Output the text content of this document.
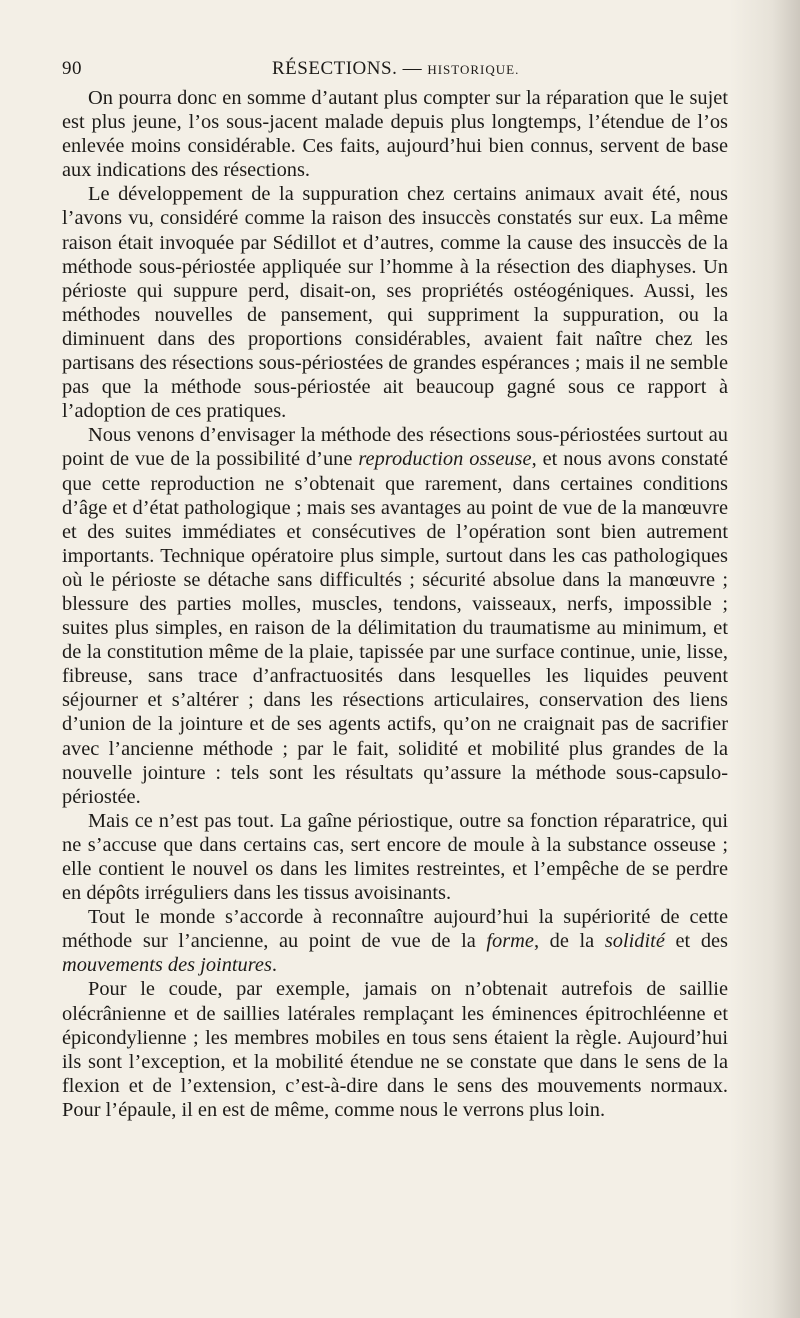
90	RÉSECTIONS. — HISTORIQUE.

On pourra donc en somme d’autant plus compter sur la réparation que le sujet est plus jeune, l’os sous-jacent malade depuis plus longtemps, l’étendue de l’os enlevée moins considérable. Ces faits, aujourd’hui bien connus, servent de base aux indications des résections.

Le développement de la suppuration chez certains animaux avait été, nous l’avons vu, considéré comme la raison des insuccès constatés sur eux. La même raison était invoquée par Sédillot et d’autres, comme la cause des insuccès de la méthode sous-périostée appliquée sur l’homme à la résection des diaphyses. Un périoste qui suppure perd, disait-on, ses propriétés ostéogéniques. Aussi, les méthodes nouvelles de pansement, qui suppriment la suppuration, ou la diminuent dans des proportions considérables, avaient fait naître chez les partisans des résections sous-périostées de grandes espérances ; mais il ne semble pas que la méthode sous-périostée ait beaucoup gagné sous ce rapport à l’adoption de ces pratiques.

Nous venons d’envisager la méthode des résections sous-périostées surtout au point de vue de la possibilité d’une reproduction osseuse, et nous avons constaté que cette reproduction ne s’obtenait que rarement, dans certaines conditions d’âge et d’état pathologique ; mais ses avantages au point de vue de la manœuvre et des suites immédiates et consécutives de l’opération sont bien autrement importants. Technique opératoire plus simple, surtout dans les cas pathologiques où le périoste se détache sans difficultés ; sécurité absolue dans la manœuvre ; blessure des parties molles, muscles, tendons, vaisseaux, nerfs, impossible ; suites plus simples, en raison de la délimitation du traumatisme au minimum, et de la constitution même de la plaie, tapissée par une surface continue, unie, lisse, fibreuse, sans trace d’anfractuosités dans lesquelles les liquides peuvent séjourner et s’altérer ; dans les résections articulaires, conservation des liens d’union de la jointure et de ses agents actifs, qu’on ne craignait pas de sacrifier avec l’ancienne méthode ; par le fait, solidité et mobilité plus grandes de la nouvelle jointure : tels sont les résultats qu’assure la méthode sous-capsulo-périostée.

Mais ce n’est pas tout. La gaîne périostique, outre sa fonction réparatrice, qui ne s’accuse que dans certains cas, sert encore de moule à la substance osseuse ; elle contient le nouvel os dans les limites restreintes, et l’empêche de se perdre en dépôts irréguliers dans les tissus avoisinants.

Tout le monde s’accorde à reconnaître aujourd’hui la supériorité de cette méthode sur l’ancienne, au point de vue de la forme, de la solidité et des mouvements des jointures.

Pour le coude, par exemple, jamais on n’obtenait autrefois de saillie olécrânienne et de saillies latérales remplaçant les éminences épitrochléenne et épicondylienne ; les membres mobiles en tous sens étaient la règle. Aujourd’hui ils sont l’exception, et la mobilité étendue ne se constate que dans le sens de la flexion et de l’extension, c’est-à-dire dans le sens des mouvements normaux. Pour l’épaule, il en est de même, comme nous le verrons plus loin.
